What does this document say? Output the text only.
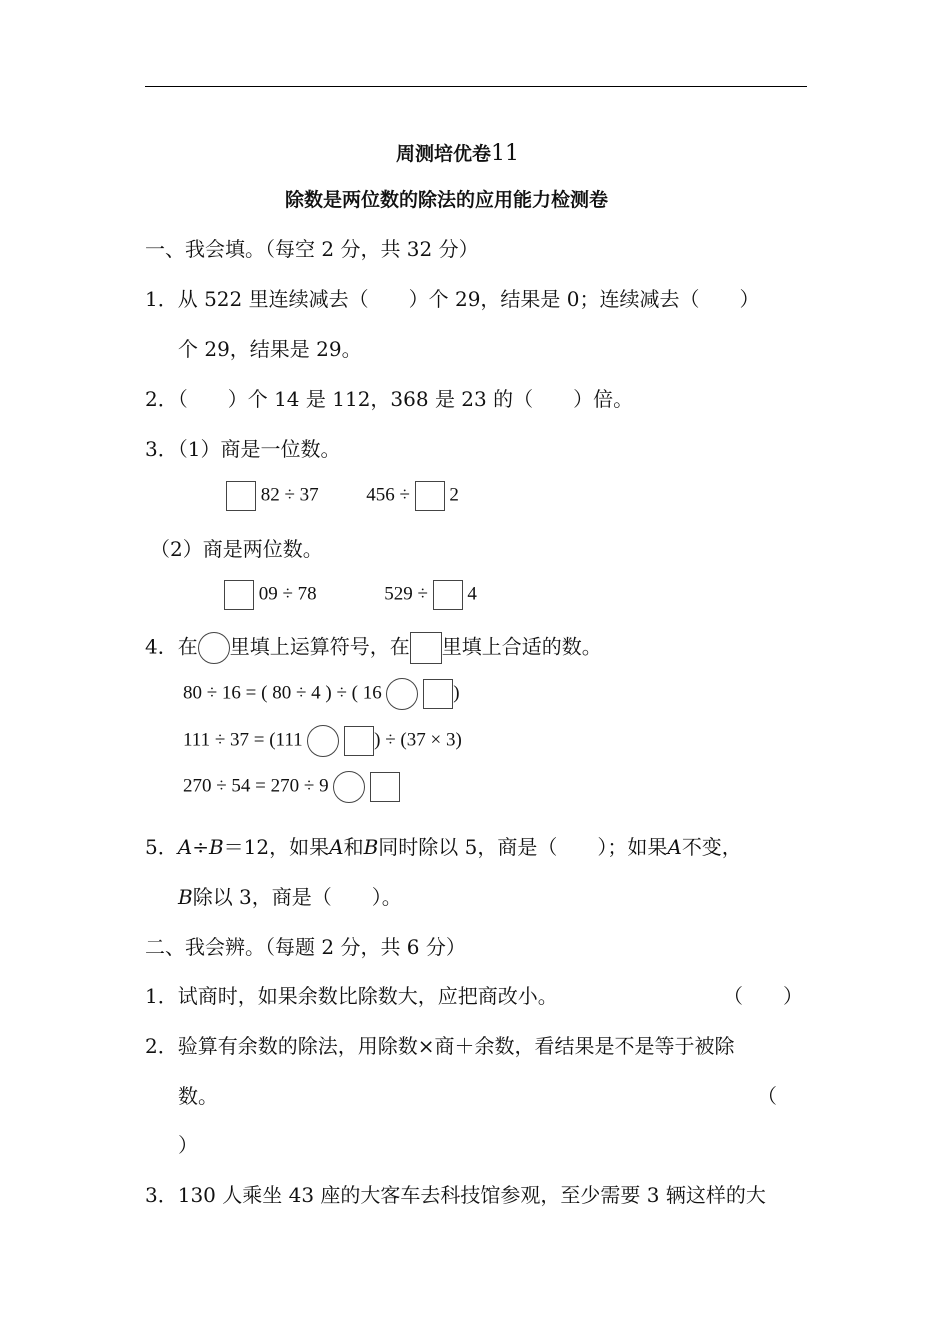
周测培优卷11
除数是两位数的除法的应用能力检测卷
一、我会填。（每空 2 分，共 32 分）
1．从 522 里连续减去（　　）个 29，结果是 0；连续减去（　　）
个 29，结果是 29。
2．（　　）个 14 是 112，368 是 23 的（　　）倍。
3．（1）商是一位数。
82 ÷ 37	456 ÷ 2
（2）商是两位数。
09 ÷ 78	529 ÷ 4
4．在 里填上运算符号，在 里填上合适的数。
80 ÷ 16 = ( 80 ÷ 4 ) ÷ ( 16	)
111 ÷ 37 = (111	) ÷ (37 × 3)
270 ÷ 54 = 270 ÷ 9
5．A÷B＝12，如果A和B同时除以 5，商是（　　）；如果A不变，
B除以 3，商是（　　）。
二、我会辨。（每题 2 分，共 6 分）
1．试商时，如果余数比除数大，应把商改小。	（　　）
2．验算有余数的除法，用除数×商＋余数，看结果是不是等于被除
数。	（
）
3．130 人乘坐 43 座的大客车去科技馆参观，至少需要 3 辆这样的大
